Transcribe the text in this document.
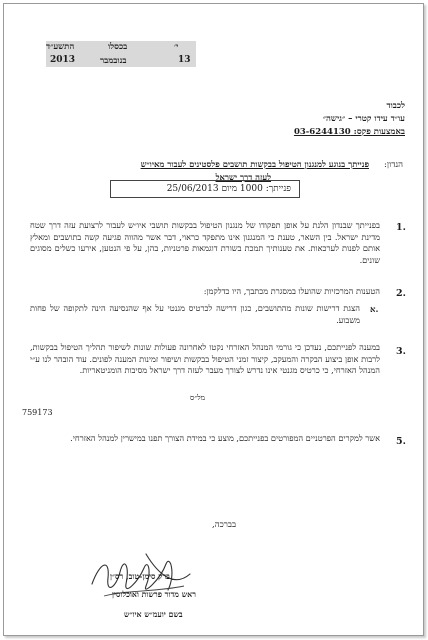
י׳
בכסלו
התשע״ד
13
בנובמבר
2013
לכבוד
עו״ד עידו קטרי – ״גישה״
באמצעות פקס: 03-6244130
הנדון:
פנייתך בנוגע למנגנון הטיפול בבקשות תושבים פלסטינים לעבור מאיו״ש
לעזה דרך ישראל
פנייתך: 1000 מיום 25/06/2013
1.

בפנייתך שבנדון הלנת על אופן תפקודו של מנגנון הטיפול בבקשות תושבי איו״ש לעבור לרצועת עזה דרך שטח מדינת ישראל. בין השאר, טענת כי המנגנון אינו מתפקד כראוי, דבר אשר מהווה פגיעה קשה בתושבים ומאלץ אותם לפנות לערכאות. את טענותיך תמכת בשורת דוגמאות פרטניות, בהן, על פי הנטען, אירעו כשלים מסוגים שונים.

2.

הטענות המרכזיות שהועלו במסגרת מכתבך, היו כדלקמן:

א.

הצגת דרישות שונות מהתושבים, כגון דרישה לכרטיס מגנטי על אף שהנסיעה הינה לתקופה של פחות משבוע.

3.

במענה לפנייתכם, נעדכן כי גורמי המנהל האזרחי נקטו לאחרונה פעולות שונות לשיפור תהליך הטיפול בבקשות, לרבות אופן ביצוע הבקרה והמעקב, קיצור זמני הטיפול בבקשות ושיפור זמינות המענה לפונים. עוד הובהר לנו ע״י המנהל האזרחי, כי כרטיס מגנטי אינו נדרש לצורך מעבר לעזה דרך ישראל מסיבות הומניטאריות.

מל״ס
759173
5.

אשר למקרים הפרטניים המפורטים בפנייתכם, מוצע כי במידת הצורך תפנו במישרין למנהל האזרחי.

בברכה,
ברק סימן-טוב, רס״ן
ראש מדור פרשות ואוכלוסין
בשם יועמ״ש איו״ש
